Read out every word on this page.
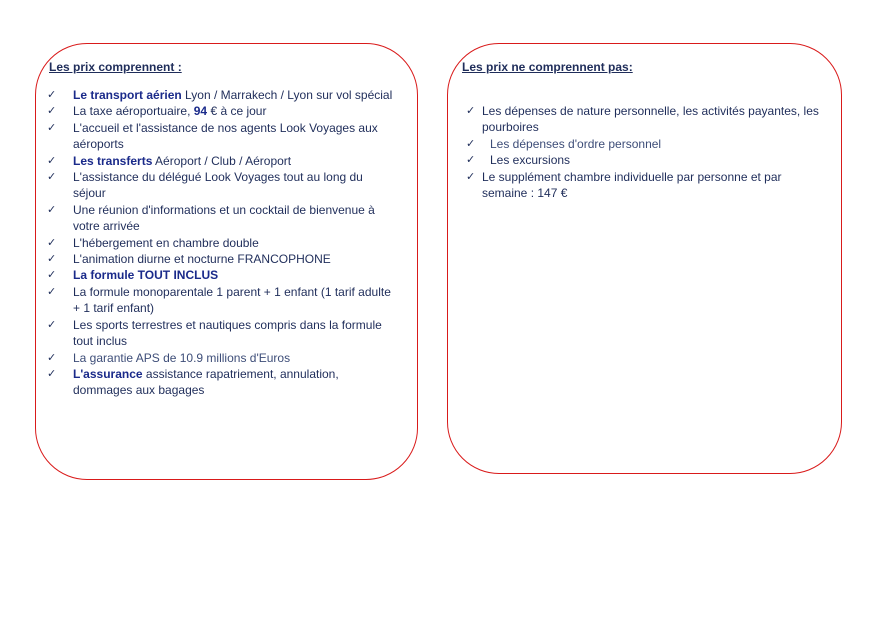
Les prix comprennent :	Les prix ne comprennent pas:
✓	Le transport aérien Lyon / Marrakech / Lyon sur vol spécial
✓	La taxe aéroportuaire, 94 € à ce jour
✓	L'accueil et l'assistance de nos agents Look Voyages aux aéroports
✓	Les transferts Aéroport / Club / Aéroport
✓	L'assistance du délégué Look Voyages tout au long du séjour
✓	Une réunion d'informations et un cocktail de bienvenue à votre arrivée
✓	L'hébergement en chambre double
✓	L'animation diurne et nocturne FRANCOPHONE
✓	La formule TOUT INCLUS
✓	La formule monoparentale 1 parent + 1 enfant (1 tarif adulte + 1 tarif enfant)
✓	Les sports terrestres et nautiques compris dans la formule tout inclus
✓	La garantie APS de 10.9 millions d'Euros
✓	L'assurance assistance rapatriement, annulation, dommages aux bagages
✓ Les dépenses de nature personnelle, les activités payantes, les pourboires
✓	Les dépenses d'ordre personnel
✓	Les excursions
✓ Le supplément chambre individuelle par personne et par semaine : 147 €
